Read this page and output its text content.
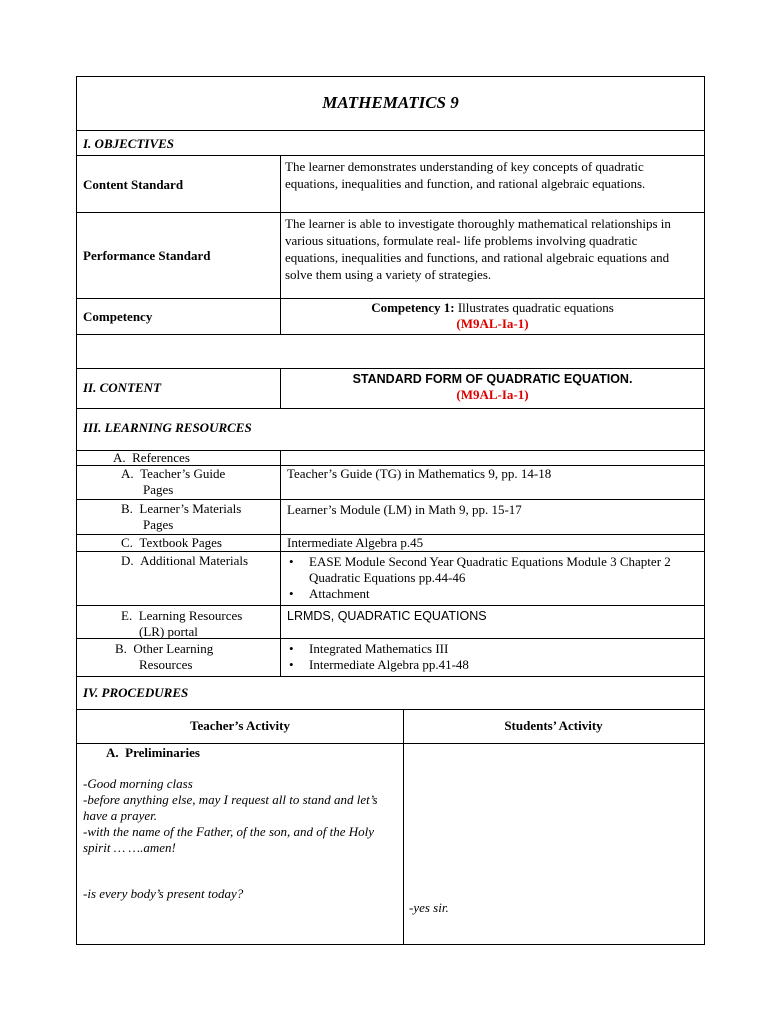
MATHEMATICS 9
I. OBJECTIVES
Content Standard
The learner demonstrates understanding of key concepts of quadratic equations, inequalities and function, and rational algebraic equations.
Performance Standard
The learner is able to investigate thoroughly mathematical relationships in various situations, formulate real- life problems involving quadratic equations, inequalities and functions, and rational algebraic equations and solve them using a variety of strategies.
Competency
Competency 1: Illustrates quadratic equations
(M9AL-Ia-1)
II. CONTENT
STANDARD FORM OF QUADRATIC EQUATION.
(M9AL-Ia-1)
III. LEARNING RESOURCES
A.  References
A.  Teacher’s Guide
Pages
Teacher’s Guide (TG) in Mathematics 9, pp. 14-18
B.  Learner’s Materials
Pages
Learner’s Module (LM) in Math 9, pp. 15-17
C.  Textbook Pages	Intermediate Algebra p.45
D.  Additional Materials
•	EASE Module Second Year Quadratic Equations Module 3 Chapter 2 Quadratic Equations pp.44-46
• Attachment
E.  Learning Resources
(LR) portal
LRMDS, QUADRATIC EQUATIONS
B.  Other Learning
Resources
• Integrated Mathematics III
• Intermediate Algebra pp.41-48
IV. PROCEDURES
Teacher’s Activity	Students’ Activity
A.  Preliminaries
-Good morning class
-before anything else, may I request all to stand and let’s have a prayer.
-with the name of the Father, of the son, and of the Holy spirit … ….amen!
-is every body’s present today?
-yes sir.
